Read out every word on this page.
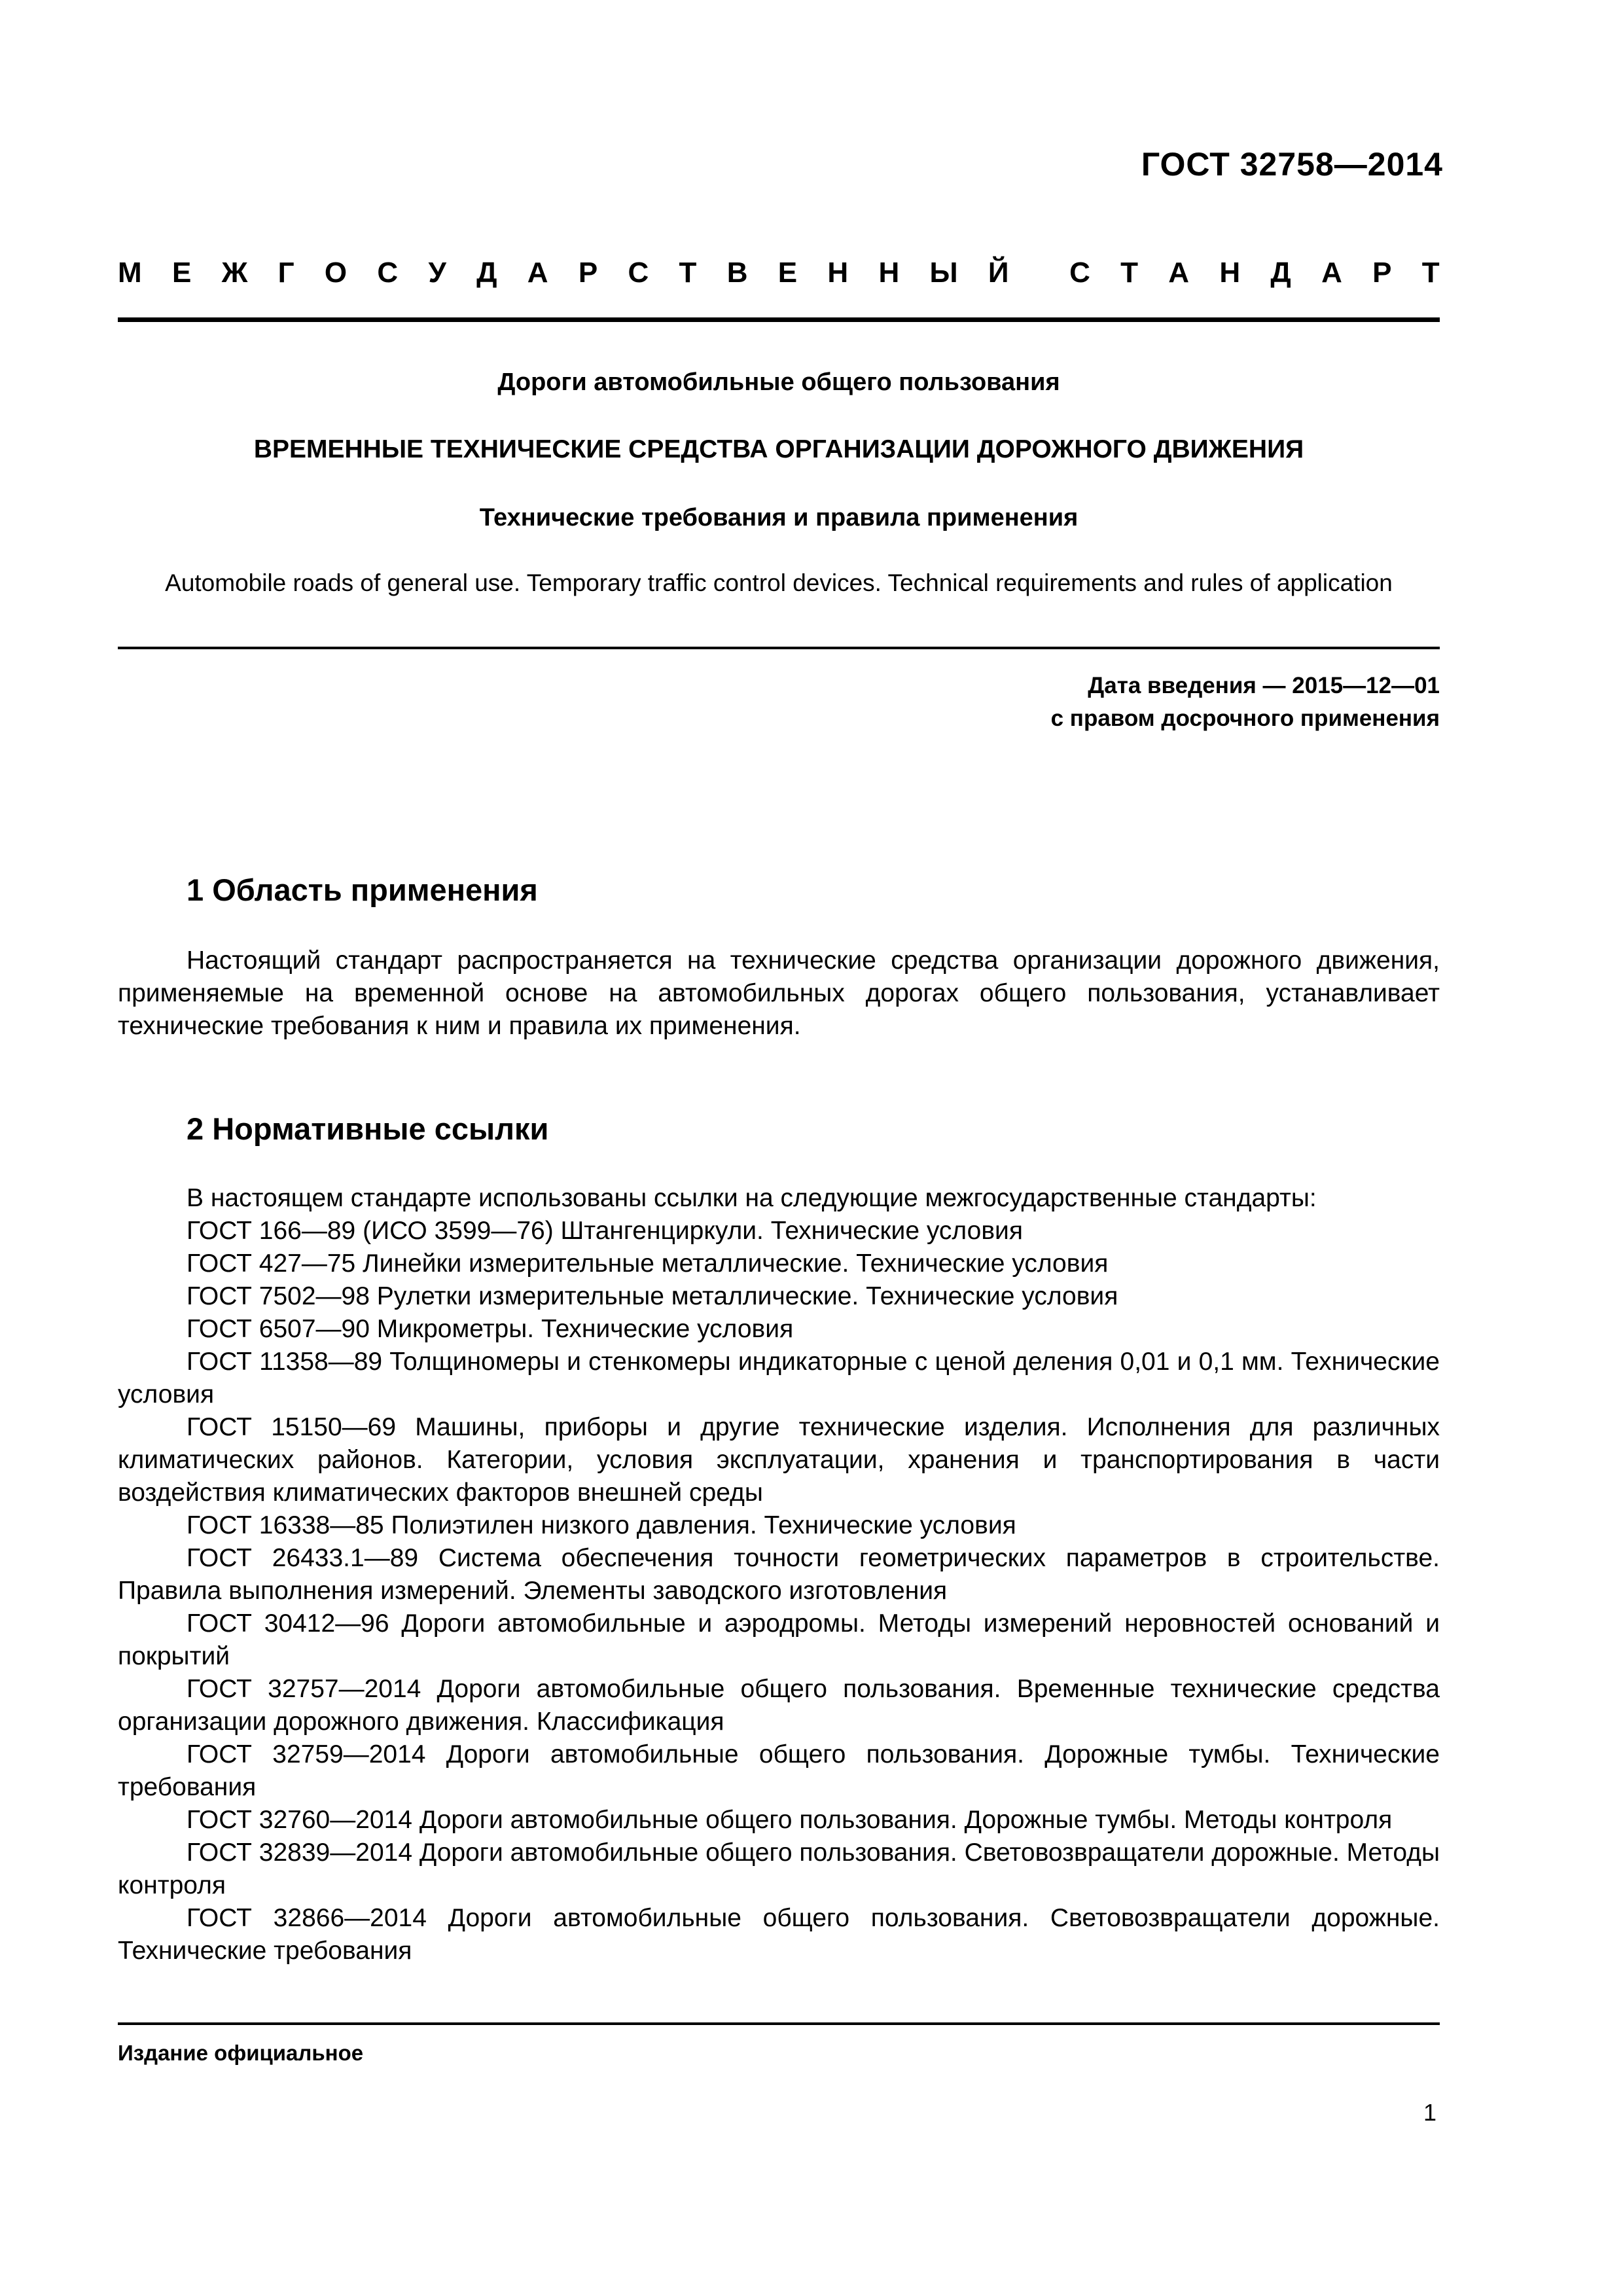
ГОСТ 32758—2014
М Е Ж Г О С У Д А Р С Т В Е Н Н Ы Й С Т А Н Д А Р Т
Дороги автомобильные общего пользования
ВРЕМЕННЫЕ ТЕХНИЧЕСКИЕ СРЕДСТВА ОРГАНИЗАЦИИ ДОРОЖНОГО ДВИЖЕНИЯ
Технические требования и правила применения
Automobile roads of general use. Temporary traffic control devices. Technical requirements and rules of application
Дата введения — 2015—12—01
с правом досрочного применения
1 Область применения

Настоящий стандарт распространяется на технические средства организации дорожного движения, применяемые на временной основе на автомобильных дорогах общего пользования, устанавливает технические требования к ним и правила их применения.

2 Нормативные ссылки

В настоящем стандарте использованы ссылки на следующие межгосударственные стандарты:

ГОСТ 166—89 (ИСО 3599—76) Штангенциркули. Технические условия

ГОСТ 427—75 Линейки измерительные металлические. Технические условия

ГОСТ 7502—98 Рулетки измерительные металлические. Технические условия

ГОСТ 6507—90 Микрометры. Технические условия

ГОСТ 11358—89 Толщиномеры и стенкомеры индикаторные с ценой деления 0,01 и 0,1 мм. Технические условия

ГОСТ 15150—69 Машины, приборы и другие технические изделия. Исполнения для различных климатических районов. Категории, условия эксплуатации, хранения и транспортирования в части воздействия климатических факторов внешней среды

ГОСТ 16338—85 Полиэтилен низкого давления. Технические условия

ГОСТ 26433.1—89 Система обеспечения точности геометрических параметров в строительстве. Правила выполнения измерений. Элементы заводского изготовления

ГОСТ 30412—96 Дороги автомобильные и аэродромы. Методы измерений неровностей оснований и покрытий

ГОСТ 32757—2014 Дороги автомобильные общего пользования. Временные технические средства организации дорожного движения. Классификация

ГОСТ 32759—2014 Дороги автомобильные общего пользования. Дорожные тумбы. Технические требования

ГОСТ 32760—2014 Дороги автомобильные общего пользования. Дорожные тумбы. Методы контроля

ГОСТ 32839—2014 Дороги автомобильные общего пользования. Световозвращатели дорожные. Методы контроля

ГОСТ 32866—2014 Дороги автомобильные общего пользования. Световозвращатели дорожные. Технические требования

Издание официальное
1
